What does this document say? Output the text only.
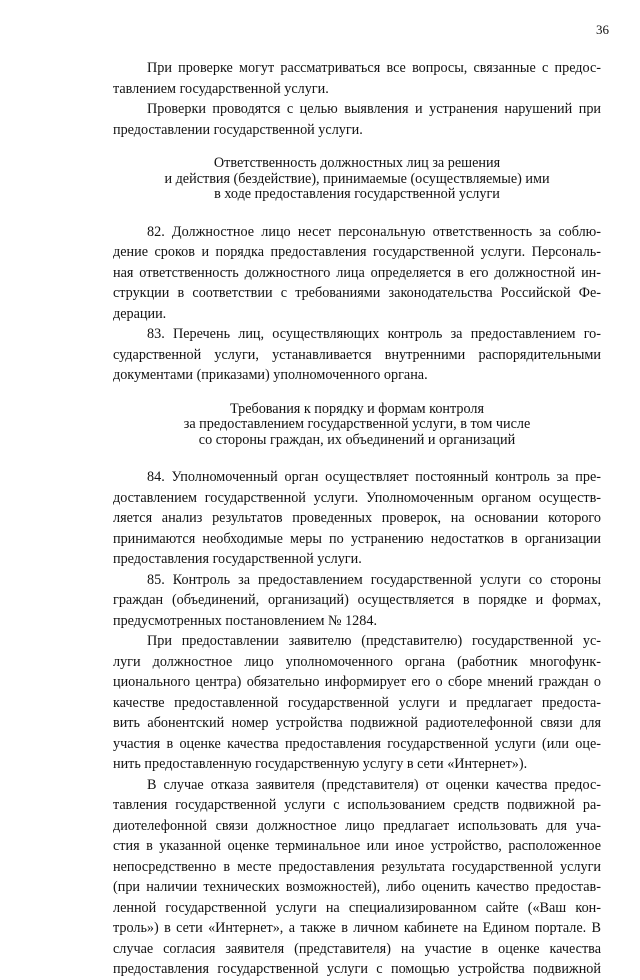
36
При проверке могут рассматриваться все вопросы, связанные с предос-
тавлением государственной услуги.
Проверки проводятся с целью выявления и устранения нарушений при
предоставлении государственной услуги.
Ответственность должностных лиц за решения
и действия (бездействие), принимаемые (осуществляемые) ими
в ходе предоставления государственной услуги
82. Должностное лицо несет персональную ответственность за соблю-
дение сроков и порядка предоставления государственной услуги. Персональ-
ная ответственность должностного лица определяется в его должностной ин-
струкции в соответствии с требованиями законодательства Российской Фе-
дерации.
83. Перечень лиц, осуществляющих контроль за предоставлением го-
сударственной услуги, устанавливается внутренними распорядительными
документами (приказами) уполномоченного органа.
Требования к порядку и формам контроля
за предоставлением государственной услуги, в том числе
со стороны граждан, их объединений и организаций
84. Уполномоченный орган осуществляет постоянный контроль за пре-
доставлением государственной услуги. Уполномоченным органом осуществ-
ляется анализ результатов проведенных проверок, на основании которого
принимаются необходимые меры по устранению недостатков в организации
предоставления государственной услуги.
85. Контроль за предоставлением государственной услуги со стороны
граждан (объединений, организаций) осуществляется в порядке и формах,
предусмотренных постановлением № 1284.
При предоставлении заявителю (представителю) государственной ус-
луги должностное лицо уполномоченного органа (работник многофунк-
ционального центра) обязательно информирует его о сборе мнений граждан о
качестве предоставленной государственной услуги и предлагает предоста-
вить абонентский номер устройства подвижной радиотелефонной связи для
участия в оценке качества предоставления государственной услуги (или оце-
нить предоставленную государственную услугу в сети «Интернет»).
В случае отказа заявителя (представителя) от оценки качества предос-
тавления государственной услуги с использованием средств подвижной ра-
диотелефонной связи должностное лицо предлагает использовать для уча-
стия в указанной оценке терминальное или иное устройство, расположенное
непосредственно в месте предоставления результата государственной услуги
(при наличии технических возможностей), либо оценить качество предостав-
ленной государственной услуги на специализированном сайте («Ваш кон-
троль») в сети «Интернет», а также в личном кабинете на Едином портале. В
случае согласия заявителя (представителя) на участие в оценке качества
предоставления государственной услуги с помощью устройства подвижной
